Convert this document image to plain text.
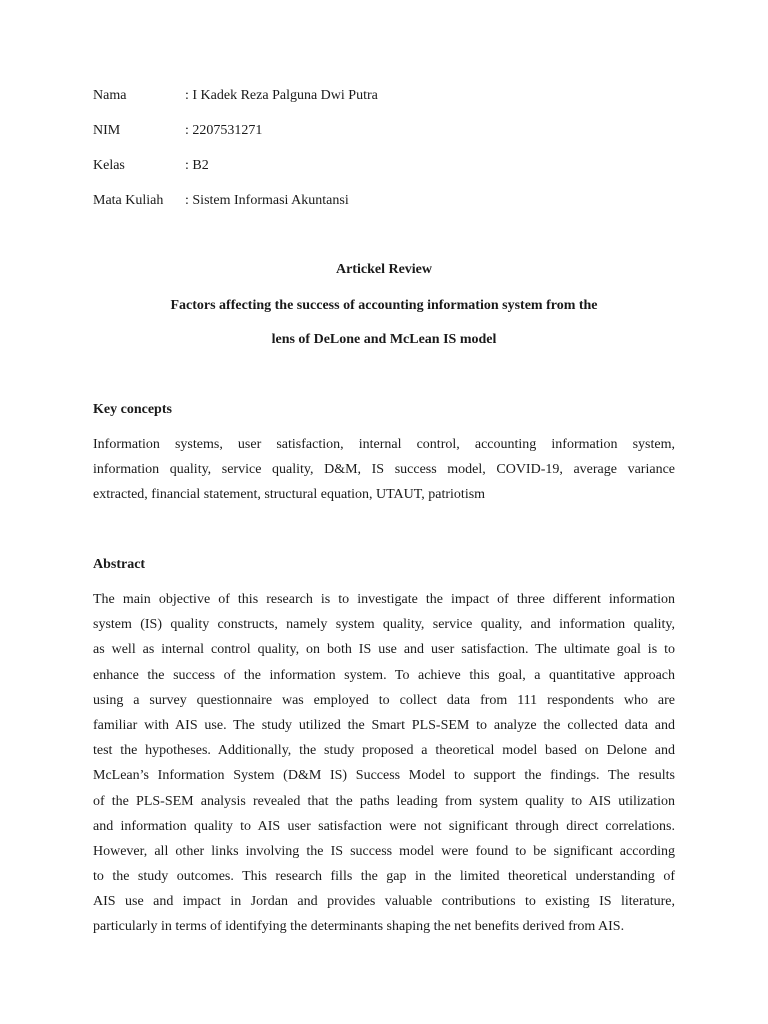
Nama	: I Kadek Reza Palguna Dwi Putra
NIM	: 2207531271
Kelas	: B2
Mata Kuliah : Sistem Informasi Akuntansi
Artickel Review
Factors affecting the success of accounting information system from the
lens of DeLone and McLean IS model
Key concepts
Information systems, user satisfaction, internal control, accounting information system,
information quality, service quality, D&M, IS success model, COVID-19, average variance
extracted, financial statement, structural equation, UTAUT, patriotism
Abstract
The main objective of this research is to investigate the impact of three different information
system (IS) quality constructs, namely system quality, service quality, and information quality,
as well as internal control quality, on both IS use and user satisfaction. The ultimate goal is to
enhance the success of the information system. To achieve this goal, a quantitative approach
using a survey questionnaire was employed to collect data from 111 respondents who are
familiar with AIS use. The study utilized the Smart PLS-SEM to analyze the collected data and
test the hypotheses. Additionally, the study proposed a theoretical model based on Delone and
McLean’s Information System (D&M IS) Success Model to support the findings. The results
of the PLS-SEM analysis revealed that the paths leading from system quality to AIS utilization
and information quality to AIS user satisfaction were not significant through direct correlations.
However, all other links involving the IS success model were found to be significant according
to the study outcomes. This research fills the gap in the limited theoretical understanding of
AIS use and impact in Jordan and provides valuable contributions to existing IS literature,
particularly in terms of identifying the determinants shaping the net benefits derived from AIS.
